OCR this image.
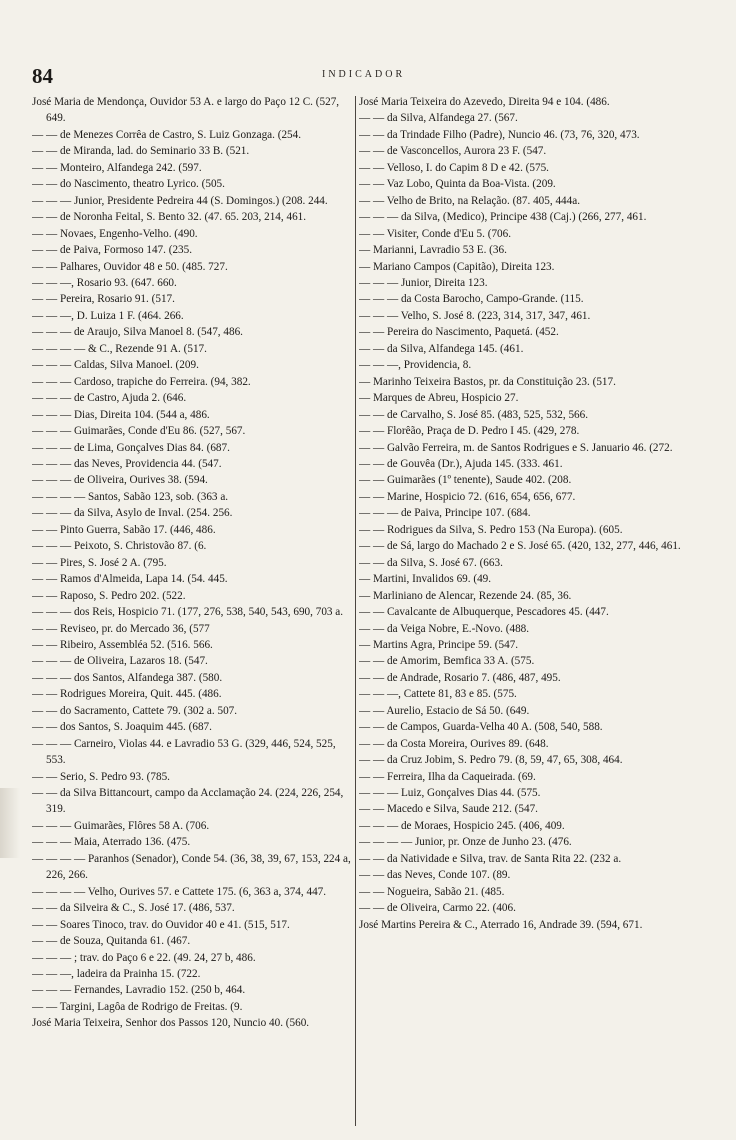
84	INDICADOR

José Maria de Mendonça, Ouvidor 53 A. e largo do Paço 12 C. (527, 649.

— — de Menezes Corrêa de Castro, S. Luiz Gonzaga. (254.

— — de Miranda, lad. do Seminario 33 B. (521.

— — Monteiro, Alfandega 242. (597.

— — do Nascimento, theatro Lyrico. (505.

— — — Junior, Presidente Pedreira 44 (S. Domingos.) (208. 244.

— — de Noronha Feital, S. Bento 32. (47. 65. 203, 214, 461.

— — Novaes, Engenho-Velho. (490.

— — de Paiva, Formoso 147. (235.

— — Palhares, Ouvidor 48 e 50. (485. 727.

— — —, Rosario 93. (647. 660.

— — Pereira, Rosario 91. (517.

— — —, D. Luiza 1 F. (464. 266.

— — — de Araujo, Silva Manoel 8. (547, 486.

— — — — & C., Rezende 91 A. (517.

— — — Caldas, Silva Manoel. (209.

— — — Cardoso, trapiche do Ferreira. (94, 382.

— — — de Castro, Ajuda 2. (646.

— — — Dias, Direita 104. (544 a, 486.

— — — Guimarães, Conde d'Eu 86. (527, 567.

— — — de Lima, Gonçalves Dias 84. (687.

— — — das Neves, Providencia 44. (547.

— — — de Oliveira, Ourives 38. (594.

— — — — Santos, Sabão 123, sob. (363 a.

— — — da Silva, Asylo de Inval. (254. 256.

— — Pinto Guerra, Sabão 17. (446, 486.

— — — Peixoto, S. Christovão 87. (6.

— — Pires, S. José 2 A. (795.

— — Ramos d'Almeida, Lapa 14. (54. 445.

— — Raposo, S. Pedro 202. (522.

— — — dos Reis, Hospicio 71. (177, 276, 538, 540, 543, 690, 703 a.

— — Reviseo, pr. do Mercado 36, (577

— — Ribeiro, Assembléa 52. (516. 566.

— — — de Oliveira, Lazaros 18. (547.

— — — dos Santos, Alfandega 387. (580.

— — Rodrigues Moreira, Quit. 445. (486.

— — do Sacramento, Cattete 79. (302 a. 507.

— — dos Santos, S. Joaquim 445. (687.

— — — Carneiro, Violas 44. e Lavradio 53 G. (329, 446, 524, 525, 553.

— — Serio, S. Pedro 93. (785.

— — da Silva Bittancourt, campo da Acclamação 24. (224, 226, 254, 319.

— — — Guimarães, Flôres 58 A. (706.

— — — Maia, Aterrado 136. (475.

— — — — Paranhos (Senador), Conde 54. (36, 38, 39, 67, 153, 224 a, 226, 266.

— — — — Velho, Ourives 57. e Cattete 175. (6, 363 a, 374, 447.

— — da Silveira & C., S. José 17. (486, 537.

— — Soares Tinoco, trav. do Ouvidor 40 e 41. (515, 517.

— — de Souza, Quitanda 61. (467.

— — — ; trav. do Paço 6 e 22. (49. 24, 27 b, 486.

— — —, ladeira da Prainha 15. (722.

— — — Fernandes, Lavradio 152. (250 b, 464.

— — Targini, Lagôa de Rodrigo de Freitas. (9.

José Maria Teixeira, Senhor dos Passos 120, Nuncio 40. (560.

José Maria Teixeira do Azevedo, Direita 94 e 104. (486.

— — da Silva, Alfandega 27. (567.

— — da Trindade Filho (Padre), Nuncio 46. (73, 76, 320, 473.

— — de Vasconcellos, Aurora 23 F. (547.

— — Velloso, I. do Capim 8 D e 42. (575.

— — Vaz Lobo, Quinta da Boa-Vista. (209.

— — Velho de Brito, na Relação. (87. 405, 444a.

— — — da Silva, (Medico), Principe 438 (Caj.) (266, 277, 461.

— — Visiter, Conde d'Eu 5. (706.

— Marianni, Lavradio 53 E. (36.

— Mariano Campos (Capitão), Direita 123.

— — — Junior, Direita 123.

— — — da Costa Barocho, Campo-Grande. (115.

— — — Velho, S. José 8. (223, 314, 317, 347, 461.

— — Pereira do Nascimento, Paquetá. (452.

— — da Silva, Alfandega 145. (461.

— — —, Providencia, 8.

— Marinho Teixeira Bastos, pr. da Constituição 23. (517.

— Marques de Abreu, Hospicio 27.

— — de Carvalho, S. José 85. (483, 525, 532, 566.

— — Florêão, Praça de D. Pedro I 45. (429, 278.

— — Galvão Ferreira, m. de Santos Rodrigues e S. Januario 46. (272.

— — de Gouvêa (Dr.), Ajuda 145. (333. 461.

— — Guimarães (1º tenente), Saude 402. (208.

— — Marine, Hospicio 72. (616, 654, 656, 677.

— — — de Paiva, Principe 107. (684.

— — Rodrigues da Silva, S. Pedro 153 (Na Europa). (605.

— — de Sá, largo do Machado 2 e S. José 65. (420, 132, 277, 446, 461.

— — da Silva, S. José 67. (663.

— Martini, Invalidos 69. (49.

— Marliniano de Alencar, Rezende 24. (85, 36.

— — Cavalcante de Albuquerque, Pescadores 45. (447.

— — da Veiga Nobre, E.-Novo. (488.

— Martins Agra, Principe 59. (547.

— — de Amorim, Bemfica 33 A. (575.

— — de Andrade, Rosario 7. (486, 487, 495.

— — —, Cattete 81, 83 e 85. (575.

— — Aurelio, Estacio de Sá 50. (649.

— — de Campos, Guarda-Velha 40 A. (508, 540, 588.

— — da Costa Moreira, Ourives 89. (648.

— — da Cruz Jobim, S. Pedro 79. (8, 59, 47, 65, 308, 464.

— — Ferreira, Ilha da Caqueirada. (69.

— — — Luiz, Gonçalves Dias 44. (575.

— — Macedo e Silva, Saude 212. (547.

— — — de Moraes, Hospicio 245. (406, 409.

— — — — Junior, pr. Onze de Junho 23. (476.

— — da Natividade e Silva, trav. de Santa Rita 22. (232 a.

— — das Neves, Conde 107. (89.

— — Nogueira, Sabão 21. (485.

— — de Oliveira, Carmo 22. (406.

José Martins Pereira & C., Aterrado 16, Andrade 39. (594, 671.
